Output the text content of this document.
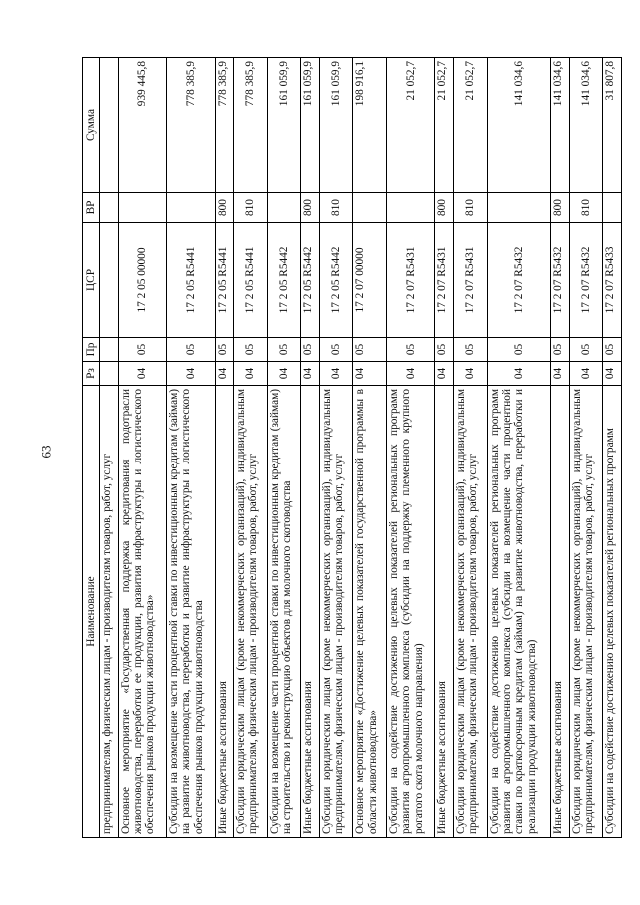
63
Наименование	Рз	Пр	ЦСР	ВР	Сумма
предпринимателям, физическим лицам - производителям товаров, работ, услуг					
Основное мероприятие «Государственная поддержка кредитования подотрасли животноводства, переработки ее продукции, развития инфраструктуры и логистического обеспечения рынков продукции животноводства»	04	05	17 2 05 00000		939 445,8
Субсидии на возмещение части процентной ставки по инвестиционным кредитам (займам) на развитие животноводства, переработки и развитие инфраструктуры и логистического обеспечения рынков продукции животноводства	04	05	17 2 05 R5441		778 385,9
Иные бюджетные ассигнования	04	05	17 2 05 R5441	800	778 385,9
Субсидии юридическим лицам (кроме некоммерческих организаций), индивидуальным предпринимателям, физическим лицам - производителям товаров, работ, услуг	04	05	17 2 05 R5441	810	778 385,9
Субсидии на возмещение части процентной ставки по инвестиционным кредитам (займам) на строительство и реконструкцию объектов для молочного скотоводства	04	05	17 2 05 R5442		161 059,9
Иные бюджетные ассигнования	04	05	17 2 05 R5442	800	161 059,9
Субсидии юридическим лицам (кроме некоммерческих организаций), индивидуальным предпринимателям, физическим лицам - производителям товаров, работ, услуг	04	05	17 2 05 R5442	810	161 059,9
Основное мероприятие «Достижение целевых показателей государственной программы в области животноводства»	04	05	17 2 07 00000		198 916,1
Субсидии на содействие достижению целевых показателей региональных программ развития агропромышленного комплекса (субсидии на поддержку племенного крупного рогатого скота молочного направления)	04	05	17 2 07 R5431		21 052,7
Иные бюджетные ассигнования	04	05	17 2 07 R5431	800	21 052,7
Субсидии юридическим лицам (кроме некоммерческих организаций), индивидуальным предпринимателям, физическим лицам - производителям товаров, работ, услуг	04	05	17 2 07 R5431	810	21 052,7
Субсидии на содействие достижению целевых показателей региональных программ развития агропромышленного комплекса (субсидии на возмещение части процентной ставки по краткосрочным кредитам (займам) на развитие животноводства, переработки и реализации продукции животноводства)	04	05	17 2 07 R5432		141 034,6
Иные бюджетные ассигнования	04	05	17 2 07 R5432	800	141 034,6
Субсидии юридическим лицам (кроме некоммерческих организаций), индивидуальным предпринимателям, физическим лицам - производителям товаров, работ, услуг	04	05	17 2 07 R5432	810	141 034,6
Субсидии на содействие достижению целевых показателей региональных программ	04	05	17 2 07 R5433		31 807,8
